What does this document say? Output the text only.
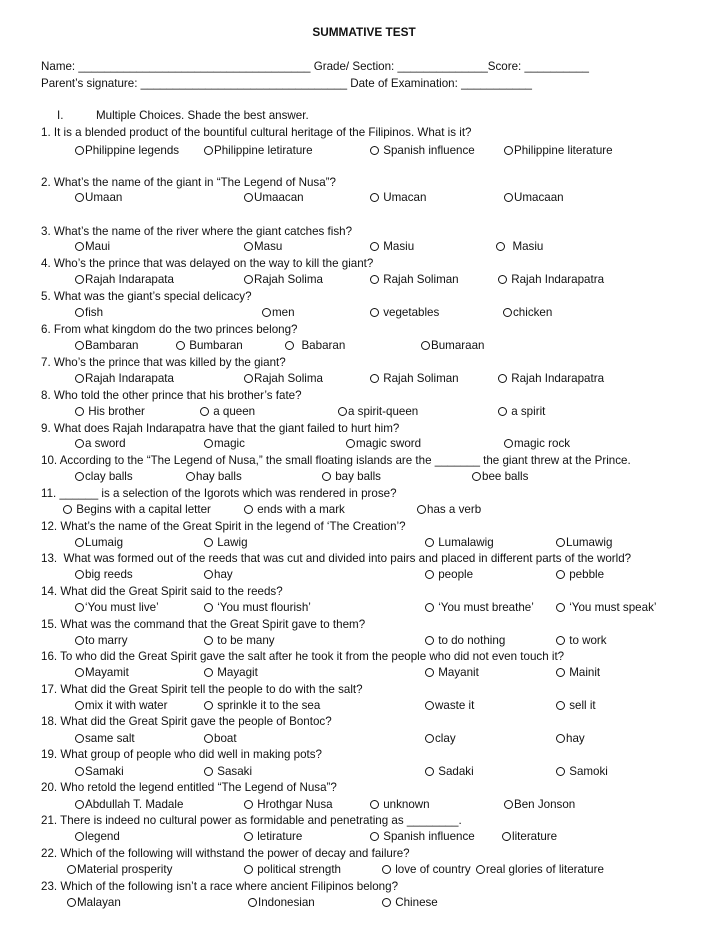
SUMMATIVE TEST
Name: ____________________________________ Grade/ Section: ______________Score: __________
Parent’s signature: ________________________________ Date of Examination: ___________
I.	Multiple Choices. Shade the best answer.
1. It is a blended product of the bountiful cultural heritage of the Filipinos. What is it?
Philippine legends	Philippine letirature	Spanish influence	Philippine literature
2. What’s the name of the giant in “The Legend of Nusa”?
Umaan	Umaacan	Umacan	Umacaan
3. What’s the name of the river where the giant catches fish?
Maui	Masu	Masiu	Masiu
4. Who’s the prince that was delayed on the way to kill the giant?
Rajah Indarapata	Rajah Solima	Rajah Soliman	Rajah Indarapatra
5. What was the giant’s special delicacy?
fish	men	vegetables	chicken
6. From what kingdom do the two princes belong?
Bambaran	Bumbaran	Babaran	Bumaraan
7. Who’s the prince that was killed by the giant?
Rajah Indarapata	Rajah Solima	Rajah Soliman	Rajah Indarapatra
8. Who told the other prince that his brother’s fate?
His brother	a queen	a spirit-queen	a spirit
9. What does Rajah Indarapatra have that the giant failed to hurt him?
a sword	magic	magic sword	magic rock
10. According to the “The Legend of Nusa,” the small floating islands are the _______ the giant threw at the Prince.
clay balls	hay balls	bay balls	bee balls
11. ______ is a selection of the Igorots which was rendered in prose?
Begins with a capital letter	ends with a mark	has a verb
12. What’s the name of the Great Spirit in the legend of ‘The Creation’?
Lumaig	Lawig	Lumalawig	Lumawig
13.  What was formed out of the reeds that was cut and divided into pairs and placed in different parts of the world?
big reeds	hay	people	pebble
14. What did the Great Spirit said to the reeds?
‘You must live’	‘You must flourish’	‘You must breathe’	‘You must speak’
15. What was the command that the Great Spirit gave to them?
to marry	to be many	to do nothing	to work
16. To who did the Great Spirit gave the salt after he took it from the people who did not even touch it?
Mayamit	Mayagit	Mayanit	Mainit
17. What did the Great Spirit tell the people to do with the salt?
mix it with water	sprinkle it to the sea	waste it	sell it
18. What did the Great Spirit gave the people of Bontoc?
same salt	boat	clay	hay
19. What group of people who did well in making pots?
Samaki	Sasaki	Sadaki	Samoki
20. Who retold the legend entitled “The Legend of Nusa”?
Abdullah T. Madale	Hrothgar Nusa	unknown	Ben Jonson
21. There is indeed no cultural power as formidable and penetrating as ________.
legend	letirature	Spanish influence	literature
22. Which of the following will withstand the power of decay and failure?
Material prosperity	political strength	love of country	real glories of literature
23. Which of the following isn’t a race where ancient Filipinos belong?
Malayan	Indonesian	Chinese
